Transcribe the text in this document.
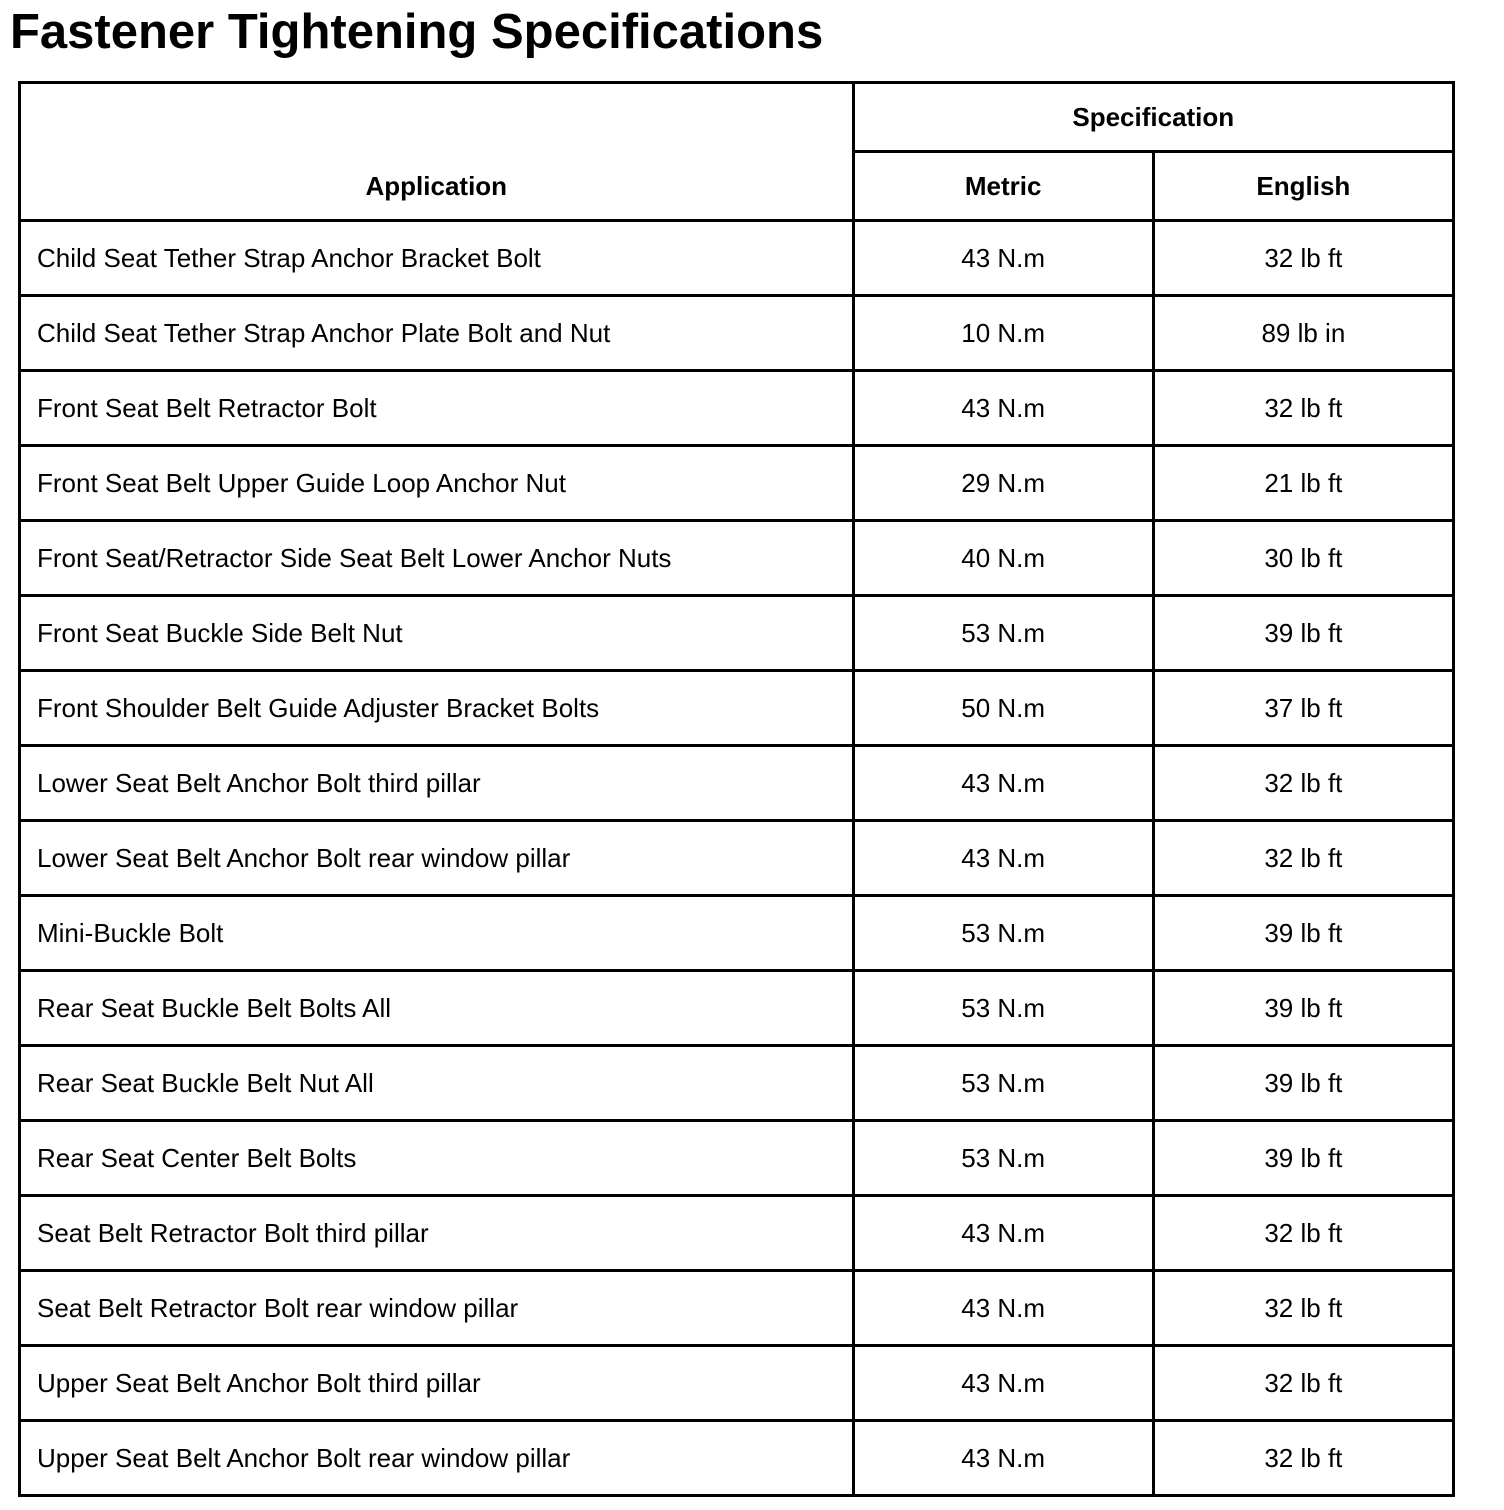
Fastener Tightening Specifications
Application	Specification	
	Metric	English
Child Seat Tether Strap Anchor Bracket Bolt	43 N.m	32 lb ft
Child Seat Tether Strap Anchor Plate Bolt and Nut	10 N.m	89 lb in
Front Seat Belt Retractor Bolt	43 N.m	32 lb ft
Front Seat Belt Upper Guide Loop Anchor Nut	29 N.m	21 lb ft
Front Seat/Retractor Side Seat Belt Lower Anchor Nuts	40 N.m	30 lb ft
Front Seat Buckle Side Belt Nut	53 N.m	39 lb ft
Front Shoulder Belt Guide Adjuster Bracket Bolts	50 N.m	37 lb ft
Lower Seat Belt Anchor Bolt third pillar	43 N.m	32 lb ft
Lower Seat Belt Anchor Bolt rear window pillar	43 N.m	32 lb ft
Mini-Buckle Bolt	53 N.m	39 lb ft
Rear Seat Buckle Belt Bolts All	53 N.m	39 lb ft
Rear Seat Buckle Belt Nut All	53 N.m	39 lb ft
Rear Seat Center Belt Bolts	53 N.m	39 lb ft
Seat Belt Retractor Bolt third pillar	43 N.m	32 lb ft
Seat Belt Retractor Bolt rear window pillar	43 N.m	32 lb ft
Upper Seat Belt Anchor Bolt third pillar	43 N.m	32 lb ft
Upper Seat Belt Anchor Bolt rear window pillar	43 N.m	32 lb ft
